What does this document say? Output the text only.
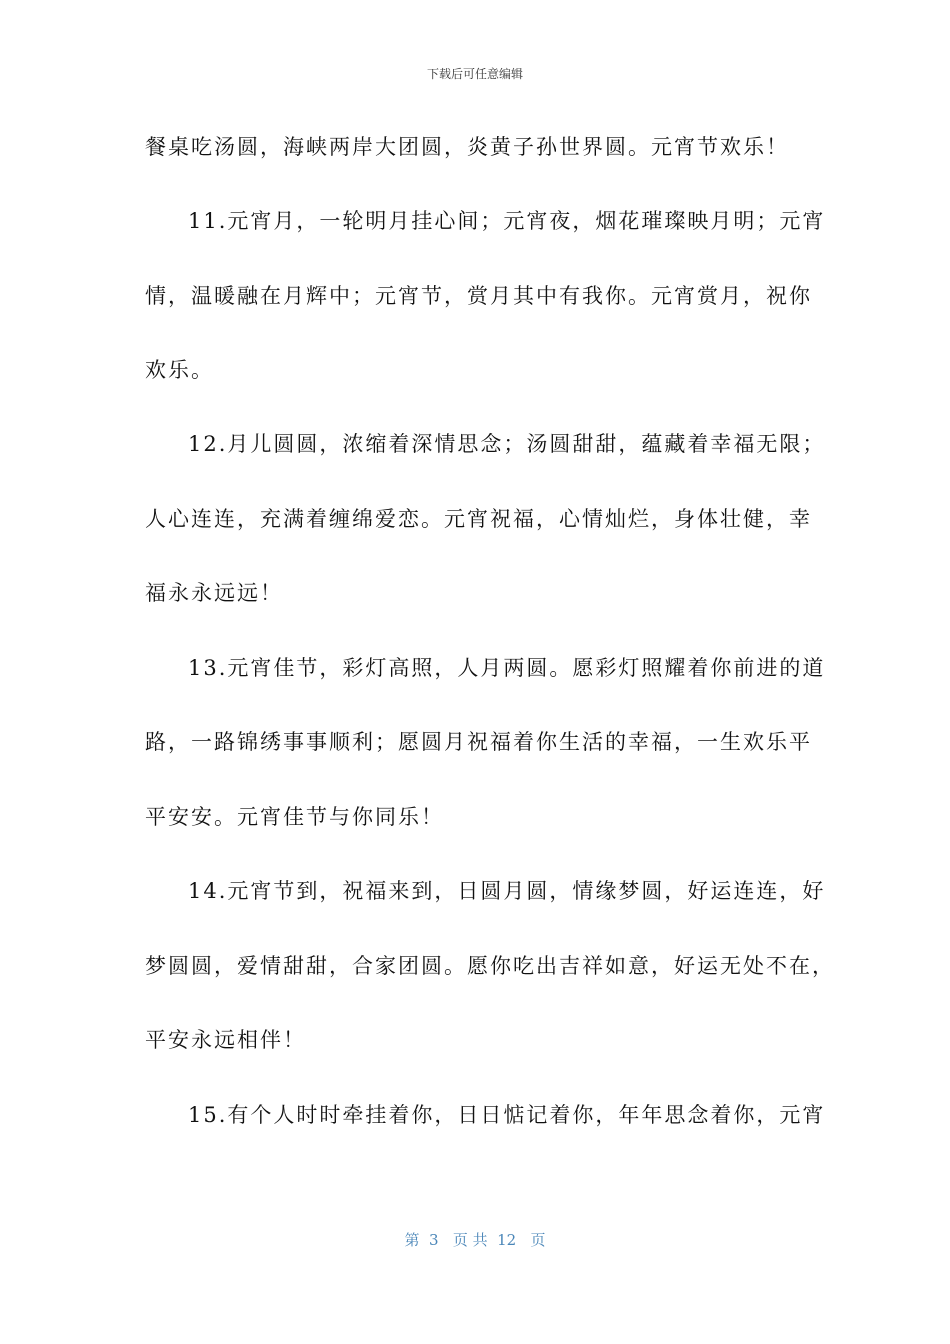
下载后可任意编辑
餐桌吃汤圆，海峡两岸大团圆，炎黄子孙世界圆。元宵节欢乐！
11.元宵月，一轮明月挂心间；元宵夜，烟花璀璨映月明；元宵
情，温暖融在月辉中；元宵节，赏月其中有我你。元宵赏月，祝你
欢乐。
12.月儿圆圆，浓缩着深情思念；汤圆甜甜，蕴藏着幸福无限；
人心连连，充满着缠绵爱恋。元宵祝福，心情灿烂，身体壮健，幸
福永永远远！
13.元宵佳节，彩灯高照，人月两圆。愿彩灯照耀着你前进的道
路，一路锦绣事事顺利；愿圆月祝福着你生活的幸福，一生欢乐平
平安安。元宵佳节与你同乐！
14.元宵节到，祝福来到，日圆月圆，情缘梦圆，好运连连，好
梦圆圆，爱情甜甜，合家团圆。愿你吃出吉祥如意，好运无处不在，
平安永远相伴！
15.有个人时时牵挂着你，日日惦记着你，年年思念着你，元宵
第  3   页 共  12   页
